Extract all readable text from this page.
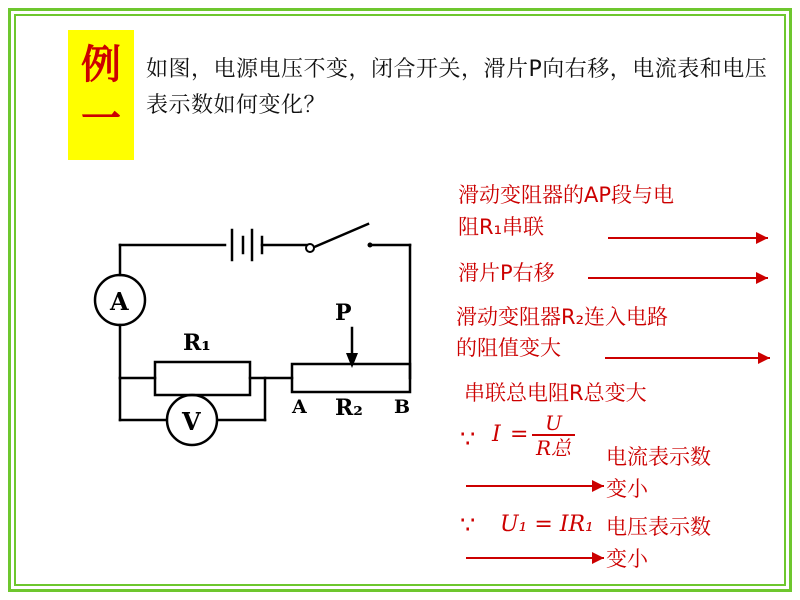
例
一
如图，电源电压不变，闭合开关，滑片P向右移，电流表和电压表示数如何变化？
A
V
R₁
P
R₂
A	B
滑动变阻器的AP段与电
阻R₁串联
滑片P右移
滑动变阻器R₂连入电路
的阻值变大
串联总电阻R总变大
∵ I = U
R总 电流表示数
变小
∵ U₁ = IR₁ 电压表示数
变小
